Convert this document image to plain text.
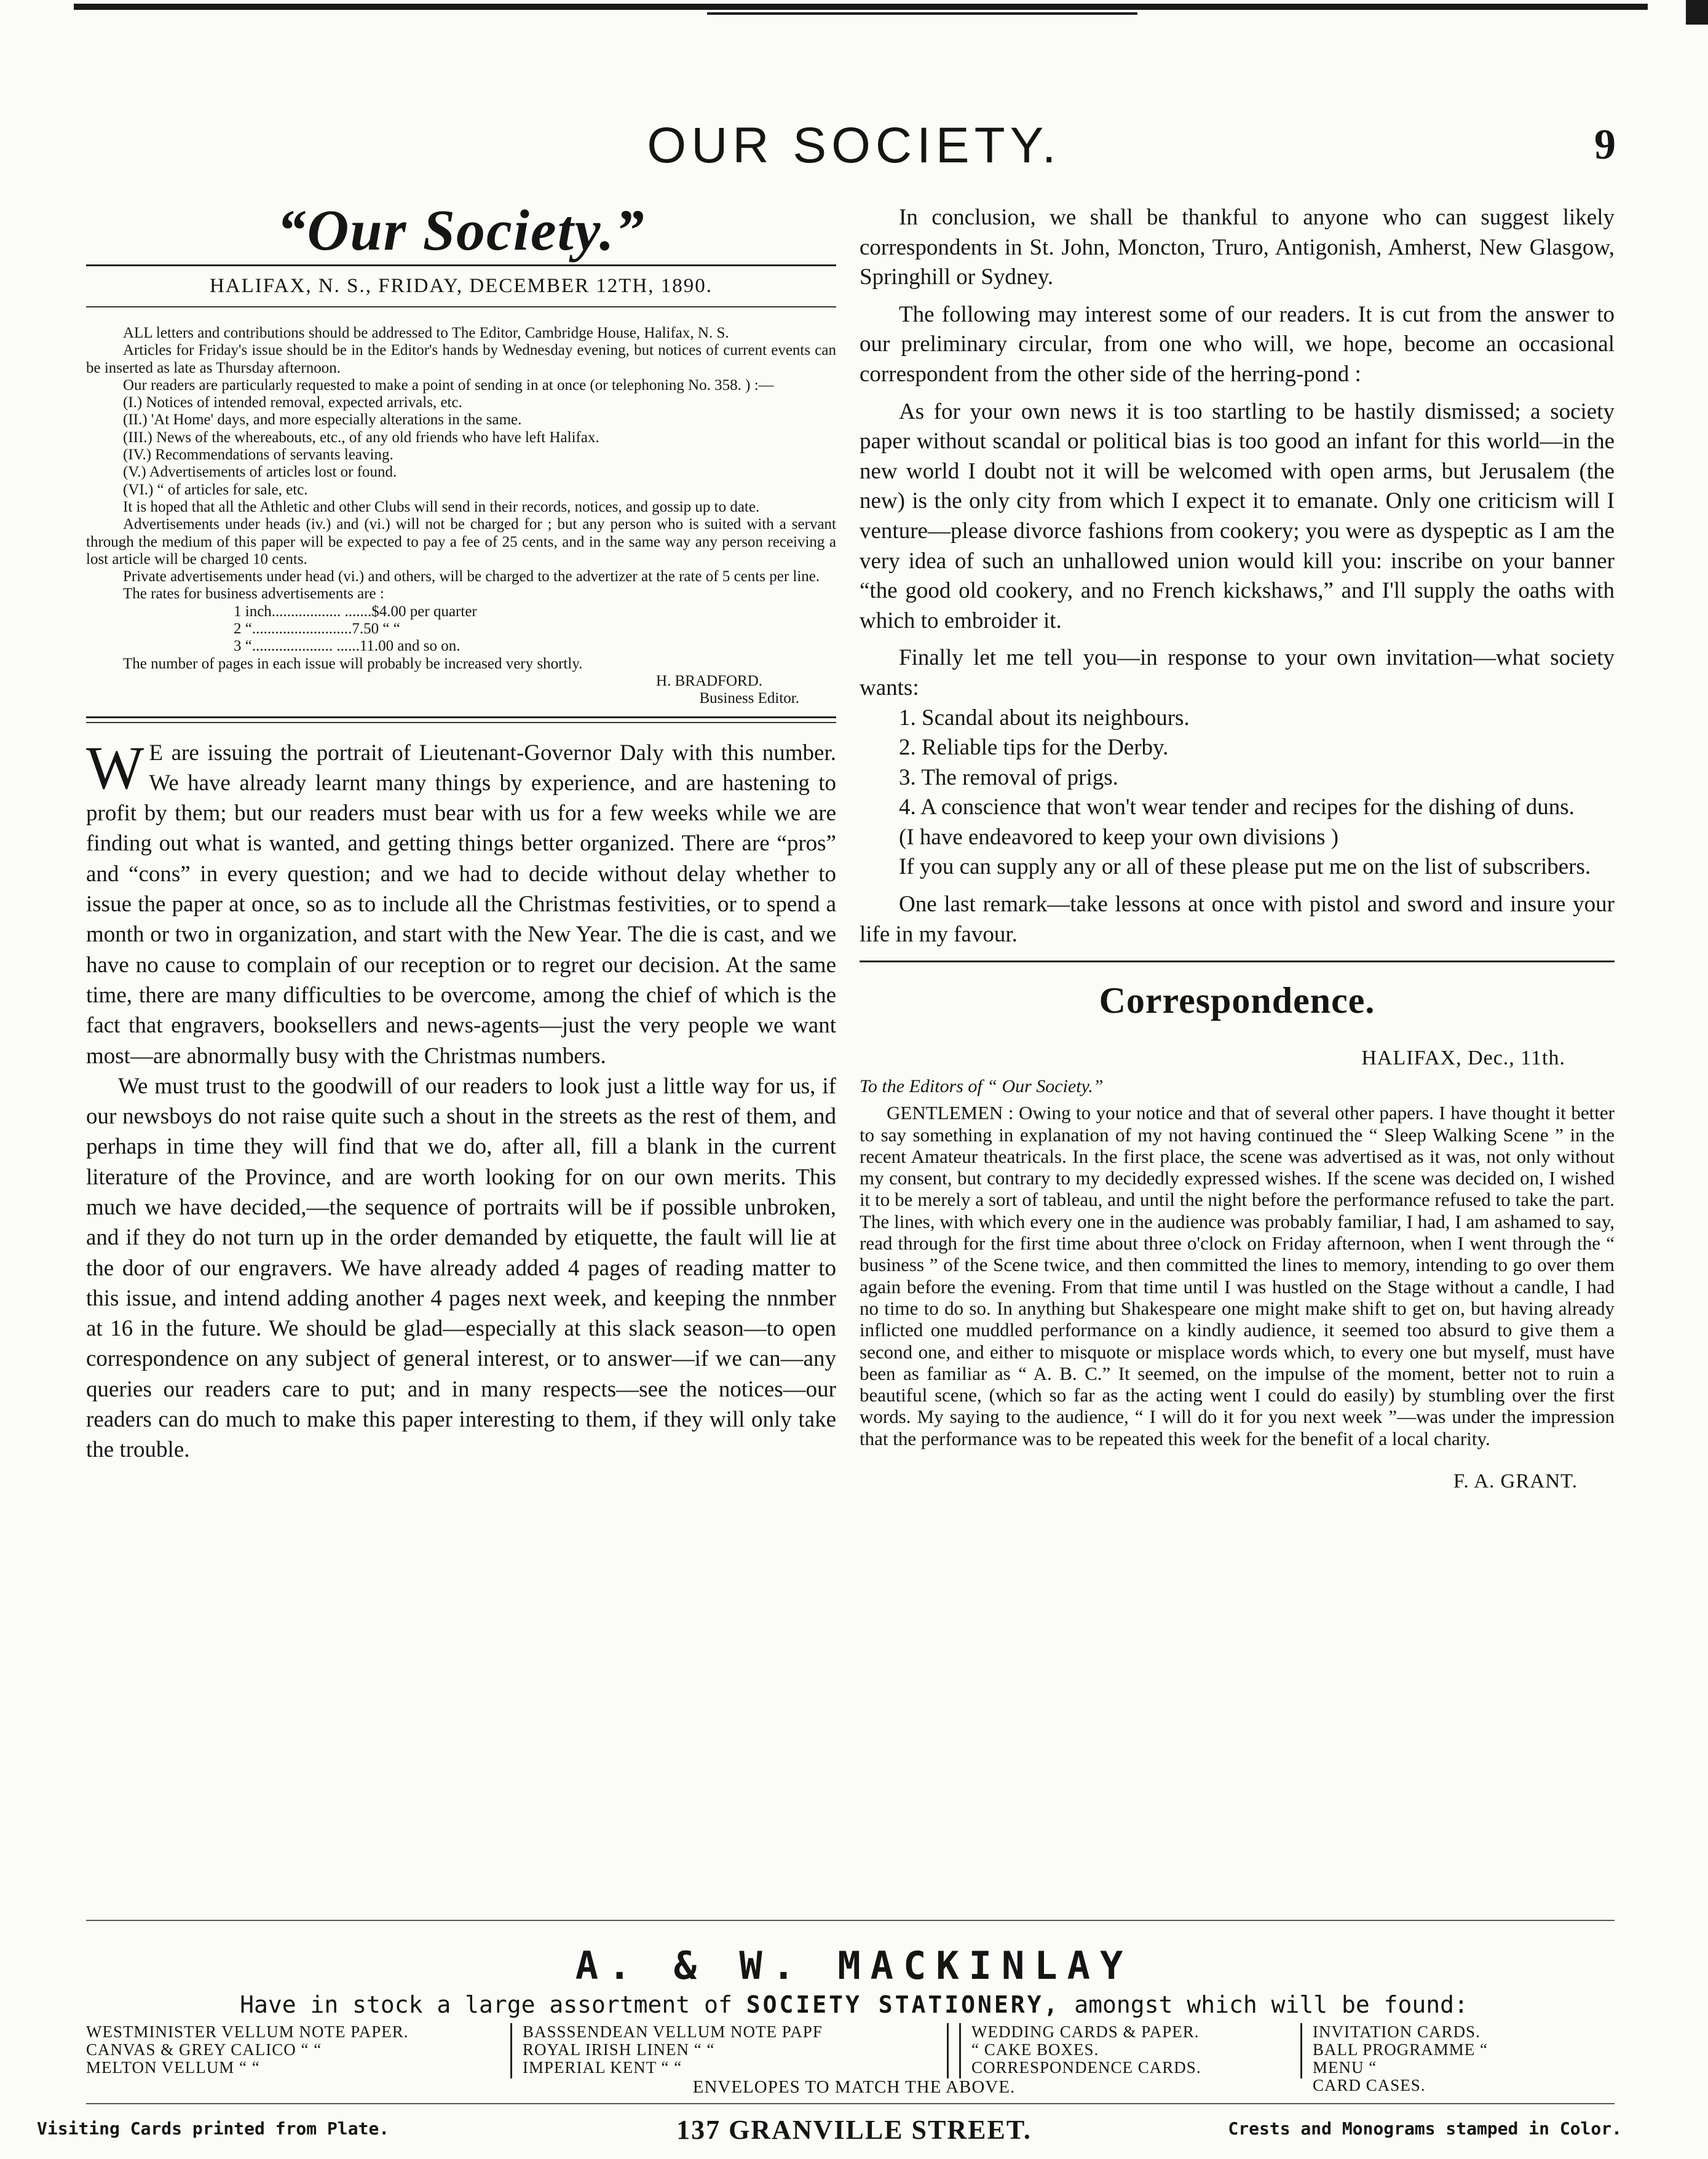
OUR SOCIETY.	9
“Our Society.”
HALIFAX, N. S., FRIDAY, DECEMBER 12TH, 1890.

ALL letters and contributions should be addressed to The Editor, Cambridge House, Halifax, N. S.

Articles for Friday's issue should be in the Editor's hands by Wednesday evening, but notices of current events can be inserted as late as Thursday afternoon.

Our readers are particularly requested to make a point of sending in at once (or telephoning No. 358. ) :—

(I.) Notices of intended removal, expected arrivals, etc.
(II.) 'At Home' days, and more especially alterations in the same.
(III.) News of the whereabouts, etc., of any old friends who have left Halifax.
(IV.) Recommendations of servants leaving.
(V.) Advertisements of articles lost or found.
(VI.) “ of articles for sale, etc.

It is hoped that all the Athletic and other Clubs will send in their records, notices, and gossip up to date.

Advertisements under heads (iv.) and (vi.) will not be charged for ; but any person who is suited with a servant through the medium of this paper will be expected to pay a fee of 25 cents, and in the same way any person receiving a lost article will be charged 10 cents.

Private advertisements under head (vi.) and others, will be charged to the advertizer at the rate of 5 cents per line.

The rates for business advertisements are :

1 inch.................. .......$4.00 per quarter
2 “..........................7.50 “ “
3 “..................... ......11.00 and so on.

The number of pages in each issue will probably be increased very shortly.

H. BRADFORD.
Business Editor.

W E are issuing the portrait of Lieutenant-Governor Daly with this number. We have already learnt many things by experience, and are hastening to profit by them; but our readers must bear with us for a few weeks while we are finding out what is wanted, and getting things better organized. There are “pros” and “cons” in every question; and we had to decide without delay whether to issue the paper at once, so as to include all the Christmas festivities, or to spend a month or two in organization, and start with the New Year. The die is cast, and we have no cause to complain of our reception or to regret our decision. At the same time, there are many difficulties to be overcome, among the chief of which is the fact that engravers, booksellers and news-agents—just the very people we want most—are abnormally busy with the Christmas numbers.

We must trust to the goodwill of our readers to look just a little way for us, if our newsboys do not raise quite such a shout in the streets as the rest of them, and perhaps in time they will find that we do, after all, fill a blank in the current literature of the Province, and are worth looking for on our own merits. This much we have decided,—the sequence of portraits will be if possible unbroken, and if they do not turn up in the order demanded by etiquette, the fault will lie at the door of our engravers. We have already added 4 pages of reading matter to this issue, and intend adding another 4 pages next week, and keeping the nnmber at 16 in the future. We should be glad—especially at this slack season—to open correspondence on any subject of general interest, or to answer—if we can—any queries our readers care to put; and in many respects—see the notices—our readers can do much to make this paper interesting to them, if they will only take the trouble.

In conclusion, we shall be thankful to anyone who can suggest likely correspondents in St. John, Moncton, Truro, Antigonish, Amherst, New Glasgow, Springhill or Sydney.

The following may interest some of our readers. It is cut from the answer to our preliminary circular, from one who will, we hope, become an occasional correspondent from the other side of the herring-pond :

As for your own news it is too startling to be hastily dismissed; a society paper without scandal or political bias is too good an infant for this world—in the new world I doubt not it will be welcomed with open arms, but Jerusalem (the new) is the only city from which I expect it to emanate. Only one criticism will I venture—please divorce fashions from cookery; you were as dyspeptic as I am the very idea of such an unhallowed union would kill you: inscribe on your banner “the good old cookery, and no French kickshaws,” and I'll supply the oaths with which to embroider it.

Finally let me tell you—in response to your own invitation—what society wants:

1. Scandal about its neighbours.

2. Reliable tips for the Derby.

3. The removal of prigs.

4. A conscience that won't wear tender and recipes for the dishing of duns.

(I have endeavored to keep your own divisions )

If you can supply any or all of these please put me on the list of subscribers.

One last remark—take lessons at once with pistol and sword and insure your life in my favour.

Correspondence.
HALIFAX, Dec., 11th.
To the Editors of “ Our Society.”
GENTLEMEN : Owing to your notice and that of several other papers. I have thought it better to say something in explanation of my not having continued the “ Sleep Walking Scene ” in the recent Amateur theatricals. In the first place, the scene was advertised as it was, not only without my consent, but contrary to my decidedly expressed wishes. If the scene was decided on, I wished it to be merely a sort of tableau, and until the night before the performance refused to take the part. The lines, with which every one in the audience was probably familiar, I had, I am ashamed to say, read through for the first time about three o'clock on Friday afternoon, when I went through the “ business ” of the Scene twice, and then committed the lines to memory, intending to go over them again before the evening. From that time until I was hustled on the Stage without a candle, I had no time to do so. In anything but Shakespeare one might make shift to get on, but having already inflicted one muddled performance on a kindly audience, it seemed too absurd to give them a second one, and either to misquote or misplace words which, to every one but myself, must have been as familiar as “ A. B. C.” It seemed, on the impulse of the moment, better not to ruin a beautiful scene, (which so far as the acting went I could do easily) by stumbling over the first words. My saying to the audience, “ I will do it for you next week ”—was under the impression that the performance was to be repeated this week for the benefit of a local charity.
F. A. GRANT.
A. & W. MACKINLAY
Have in stock a large assortment of SOCIETY STATIONERY, amongst which will be found:
WESTMINISTER VELLUM NOTE PAPER.
CANVAS & GREY CALICO “ “
MELTON VELLUM “ “
BASSSENDEAN VELLUM NOTE PAPF
ROYAL IRISH LINEN “ “
IMPERIAL KENT “ “
WEDDING CARDS & PAPER.
“ CAKE BOXES.
CORRESPONDENCE CARDS.
INVITATION CARDS.
BALL PROGRAMME “
MENU “
CARD CASES.
ENVELOPES TO MATCH THE ABOVE.
Visiting Cards printed from Plate.	137 GRANVILLE STREET.	Crests and Monograms stamped in Color.
